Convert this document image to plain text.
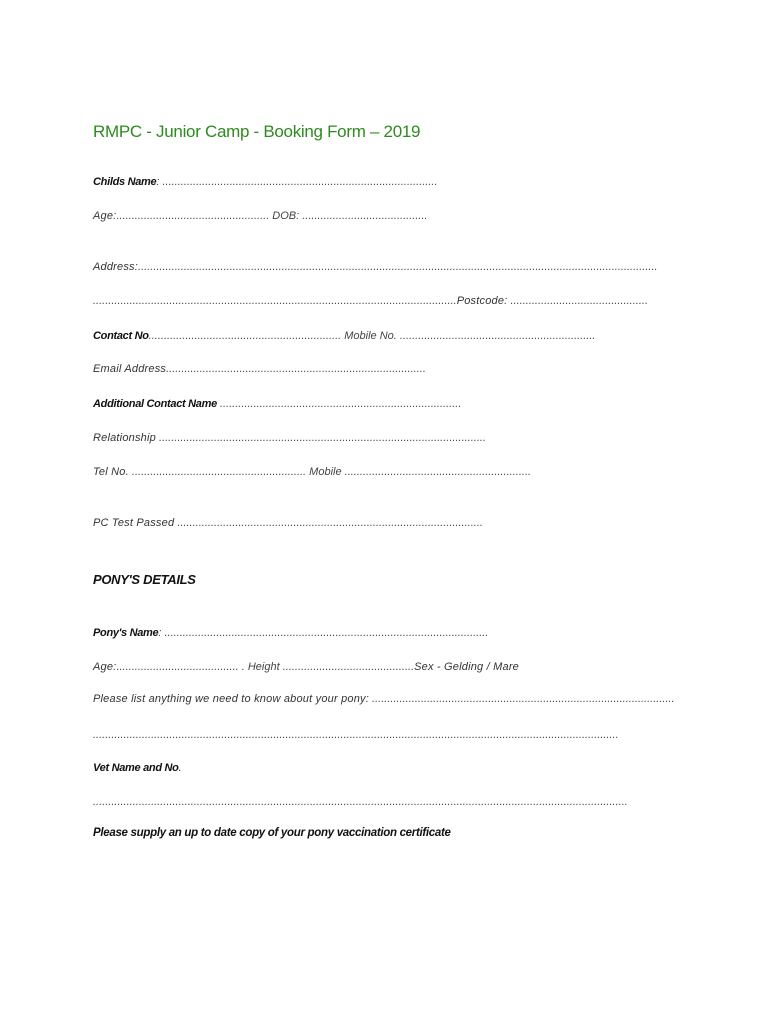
RMPC - Junior Camp - Booking Form – 2019
Childs Name: ..........................................................................................
Age:.................................................. DOB: .........................................
Address:..........................................................................................................................................................................
.......................................................................................................................Postcode: .............................................
Contact No............................................................... Mobile No. ................................................................
Email Address.....................................................................................
Additional Contact Name ...............................................................................
Relationship ...........................................................................................................
Tel No. ......................................................... Mobile .............................................................
PC Test Passed ....................................................................................................
PONY'S DETAILS
Pony's Name: ..........................................................................................................
Age:........................................ . Height ...........................................Sex - Gelding / Mare
Please list anything we need to know about your pony: ...................................................................................................
............................................................................................................................................................................
Vet Name and No.
...............................................................................................................................................................................
Please supply an up to date copy of your pony vaccination certificate
